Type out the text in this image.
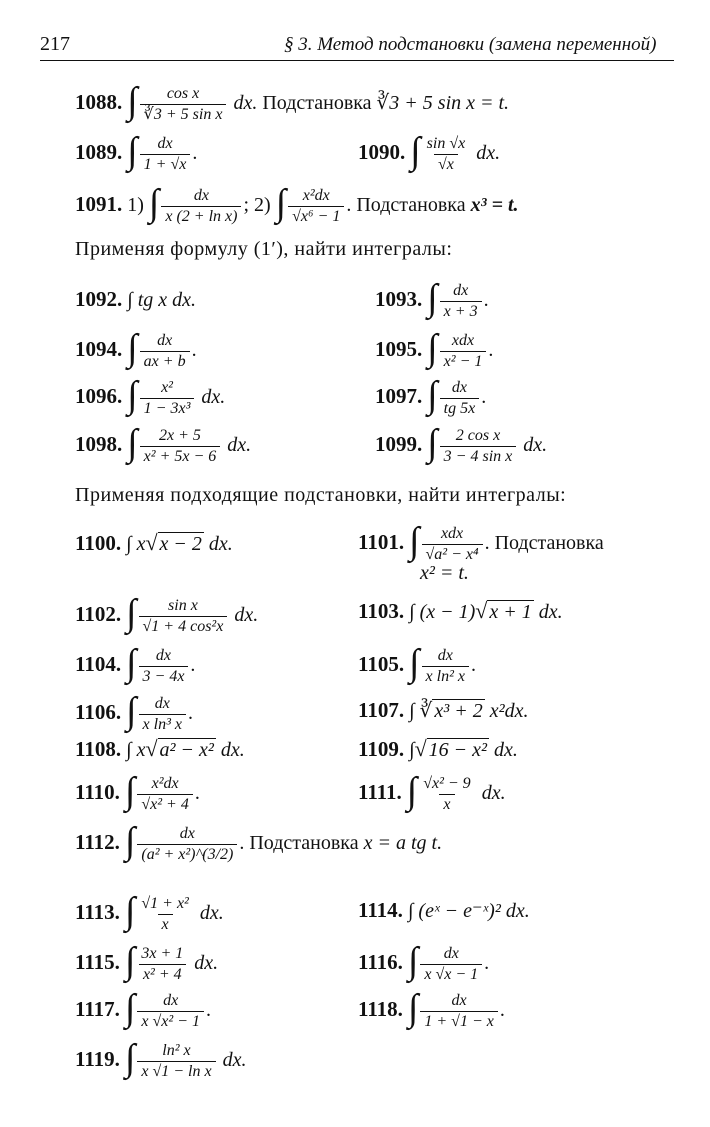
217	§ 3. Метод подстановки (замена переменной)
1088. ∫ $\frac{\text{cos x}}{\text{∛3 + 5 sin x}}$ dx. Подстановка ∛3 + 5 sin x = t.
1089. ∫ $\frac{dx}{1 + √x}$ .	1090. ∫ $\frac{\sin √x}{√x}$ dx.
1091. 1) ∫ $\frac{dx}{\text{x (2 + ln x)}}$ ; 2) ∫ $\frac{\text{x²dx}}{\text{√x⁶ − 1}}$ . Подстановка x³ = t.
Применяя формулу (1′), найти интегралы:
1092. ∫ tg x dx.	1093. ∫ $\frac{dx}{x + 3}$ .
1094. ∫ $\frac{dx}{ax + b}$ .	1095. ∫ $\frac{\text{xdx}}{\text{x² − 1}}$ .
1096. ∫ $\frac{\text{x²}}{\text{1 − 3x³}}$ dx.	1097. ∫ $\frac{dx}{tg 5x}$ .
1098. ∫ $\frac{2x + 5}{\text{x² + 5x − 6}}$ dx.	1099. ∫ $\frac{\text{2 cos x}}{\text{3 − 4 sin x}}$ dx.
Применяя подходящие подстановки, найти интегралы:
1100. ∫ x√ x − 2 dx.	1101. ∫ $\frac{\text{xdx}}{\text{√a² − x⁴}}$ . Подстановка
x² = t.
1102. ∫ $\frac{\text{sin x}}{\text{√1 + 4 cos²x}}$ dx.	1103. ∫ (x − 1)√ x + 1 dx.
1104. ∫ $\frac{dx}{3 - 4x}$ .	1105. ∫ $\frac{dx}{\text{x ln² x}}$ .
1106. ∫ $\frac{dx}{\text{x ln³ x}}$ .	1107. ∫ ∛ x³ + 2 x²dx.
1108. ∫ x√ a² − x² dx.	1109. ∫√ 16 − x² dx.
1110. ∫ $\frac{\text{x²dx}}{\text{√x² + 4}}$ .	1111. ∫ $\frac{\text{√x² − 9}}{x}$ dx.
1112. ∫ $\frac{dx}{\text{(a² + x²)\textasciicircum{}(3/2)}}$ . Подстановка x = a tg t.
1113. ∫ $\frac{\text{√1 + x²}}{x}$ dx.	1114. ∫ (eˣ − e⁻ˣ)² dx.
1115. ∫ $\frac{3x + 1}{\text{x² + 4}}$ dx.	1116. ∫ $\frac{dx}{x √x - 1}$ .
1117. ∫ $\frac{dx}{\text{x √x² − 1}}$ .	1118. ∫ $\frac{dx}{1 + √1 - x}$ .
1119. ∫ $\frac{\text{ln² x}}{\text{x √1 − ln x}}$ dx.
